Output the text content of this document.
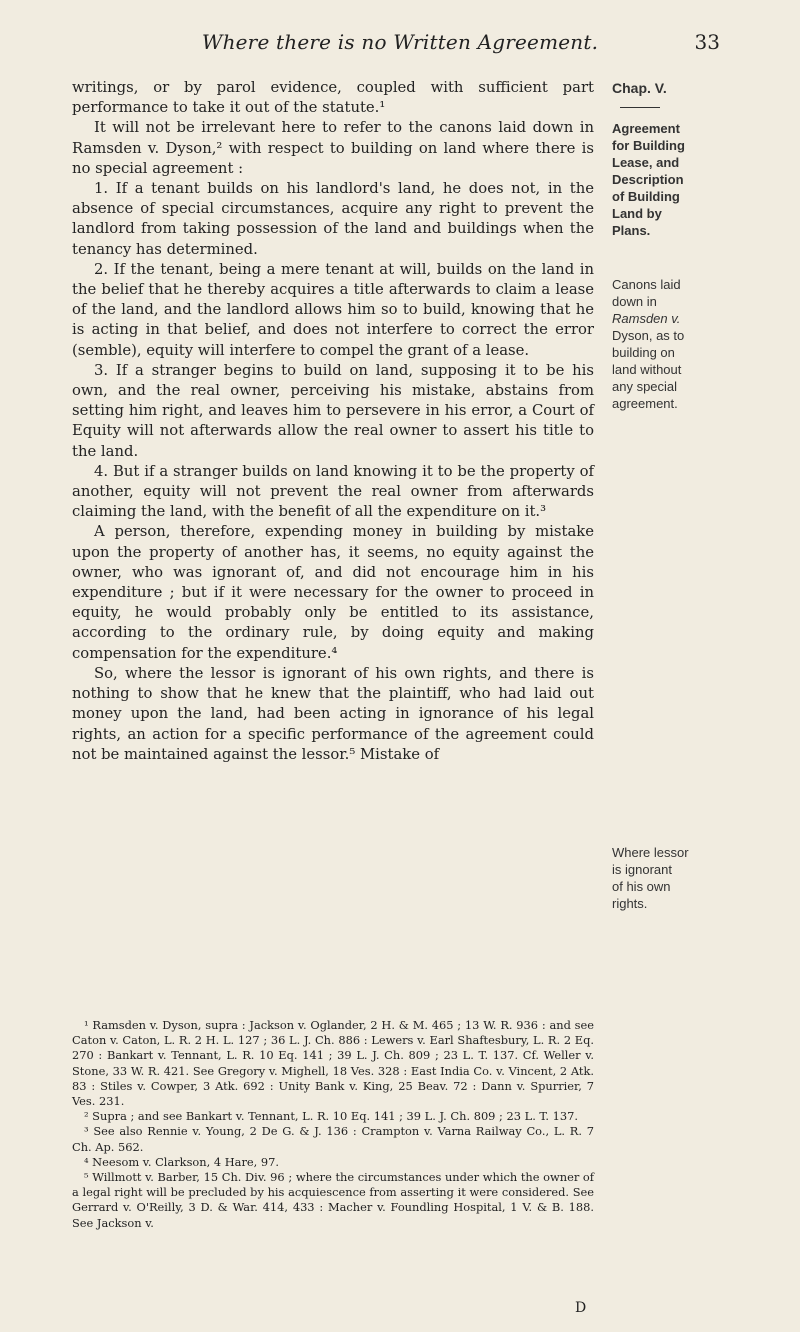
Where there is no Written Agreement.	33
Chap. V.
Agreement
for Building
Lease, and
Description
of Building
Land by
Plans.
Canons laid
down in
Ramsden v.
Dyson, as to
building on
land without
any special
agreement.
Where lessor
is ignorant
of his own
rights.

writings, or by parol evidence, coupled with sufficient part performance to take it out of the statute.¹

It will not be irrelevant here to refer to the canons laid down in Ramsden v. Dyson,² with respect to building on land where there is no special agreement :

1. If a tenant builds on his landlord's land, he does not, in the absence of special circumstances, acquire any right to prevent the landlord from taking possession of the land and buildings when the tenancy has determined.

2. If the tenant, being a mere tenant at will, builds on the land in the belief that he thereby acquires a title afterwards to claim a lease of the land, and the landlord allows him so to build, knowing that he is acting in that belief, and does not interfere to correct the error (semble), equity will interfere to compel the grant of a lease.

3. If a stranger begins to build on land, supposing it to be his own, and the real owner, perceiving his mistake, abstains from setting him right, and leaves him to persevere in his error, a Court of Equity will not afterwards allow the real owner to assert his title to the land.

4. But if a stranger builds on land knowing it to be the property of another, equity will not prevent the real owner from afterwards claiming the land, with the benefit of all the expenditure on it.³

A person, therefore, expending money in building by mistake upon the property of another has, it seems, no equity against the owner, who was ignorant of, and did not encourage him in his expenditure ; but if it were necessary for the owner to proceed in equity, he would probably only be entitled to its assistance, according to the ordinary rule, by doing equity and making compensation for the expenditure.⁴

So, where the lessor is ignorant of his own rights, and there is nothing to show that he knew that the plaintiff, who had laid out money upon the land, had been acting in ignorance of his legal rights, an action for a specific performance of the agreement could not be maintained against the lessor.⁵ Mistake of

¹ Ramsden v. Dyson, supra : Jackson v. Oglander, 2 H. & M. 465 ; 13 W. R. 936 : and see Caton v. Caton, L. R. 2 H. L. 127 ; 36 L. J. Ch. 886 : Lewers v. Earl Shaftesbury, L. R. 2 Eq. 270 : Bankart v. Tennant, L. R. 10 Eq. 141 ; 39 L. J. Ch. 809 ; 23 L. T. 137. Cf. Weller v. Stone, 33 W. R. 421. See Gregory v. Mighell, 18 Ves. 328 : East India Co. v. Vincent, 2 Atk. 83 : Stiles v. Cowper, 3 Atk. 692 : Unity Bank v. King, 25 Beav. 72 : Dann v. Spurrier, 7 Ves. 231.

² Supra ; and see Bankart v. Tennant, L. R. 10 Eq. 141 ; 39 L. J. Ch. 809 ; 23 L. T. 137.

³ See also Rennie v. Young, 2 De G. & J. 136 : Crampton v. Varna Railway Co., L. R. 7 Ch. Ap. 562.

⁴ Neesom v. Clarkson, 4 Hare, 97.

⁵ Willmott v. Barber, 15 Ch. Div. 96 ; where the circumstances under which the owner of a legal right will be precluded by his acquiescence from asserting it were considered. See Gerrard v. O'Reilly, 3 D. & War. 414, 433 : Macher v. Foundling Hospital, 1 V. & B. 188. See Jackson v.

D
